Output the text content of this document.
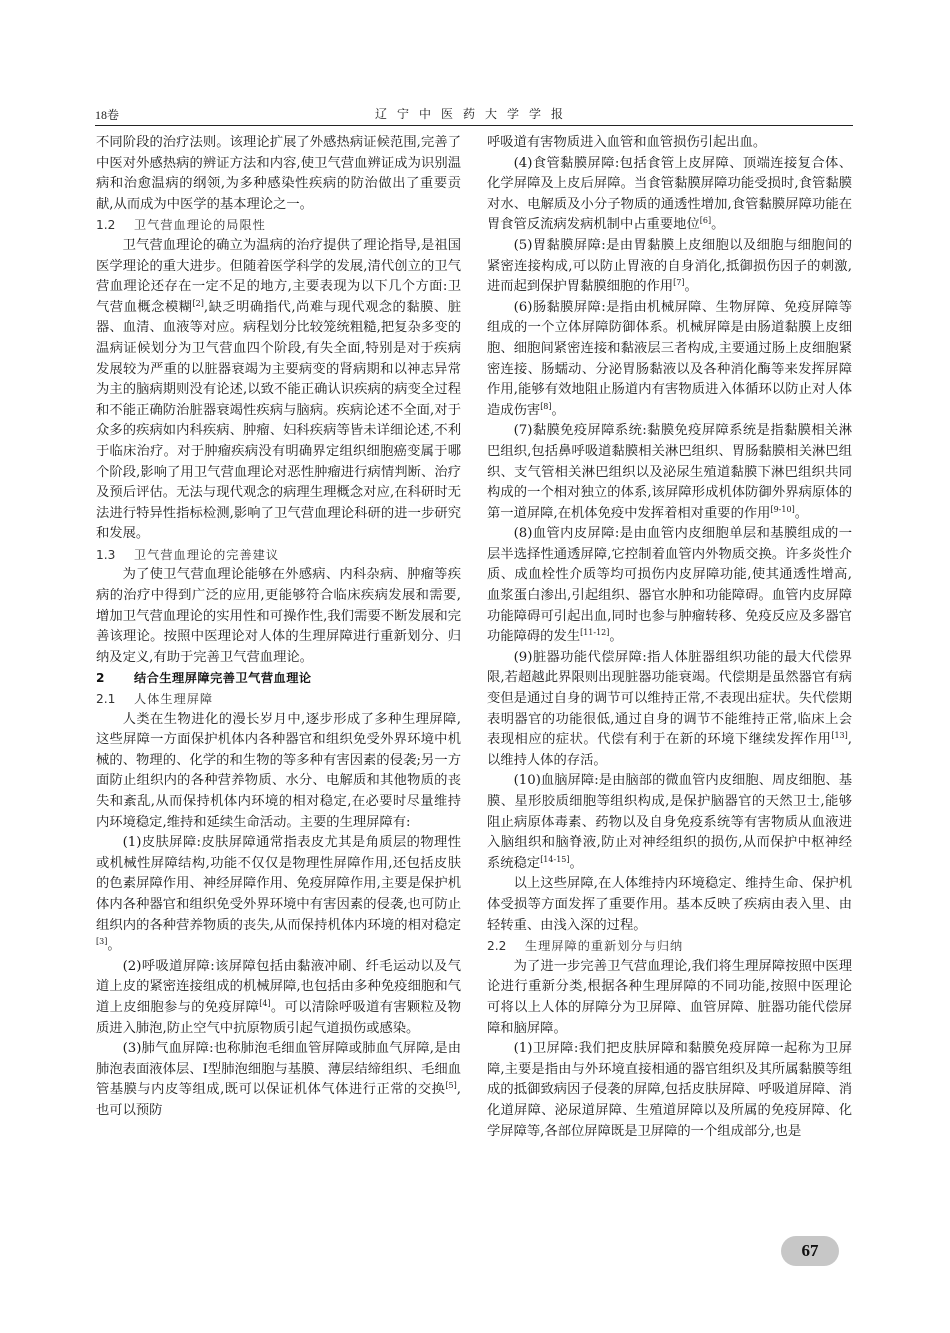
18卷	辽宁中医药大学学报

不同阶段的治疗法则。该理论扩展了外感热病证候范围,完善了中医对外感热病的辨证方法和内容,使卫气营血辨证成为识别温病和治愈温病的纲领,为多种感染性疾病的防治做出了重要贡献,从而成为中医学的基本理论之一。

1.2 卫气营血理论的局限性

卫气营血理论的确立为温病的治疗提供了理论指导,是祖国医学理论的重大进步。但随着医学科学的发展,清代创立的卫气营血理论还存在一定不足的地方,主要表现为以下几个方面:卫气营血概念模糊[2],缺乏明确指代,尚难与现代观念的黏膜、脏器、血清、血液等对应。病程划分比较笼统粗糙,把复杂多变的温病证候划分为卫气营血四个阶段,有失全面,特别是对于疾病发展较为严重的以脏器衰竭为主要病变的肾病期和以神志异常为主的脑病期则没有论述,以致不能正确认识疾病的病变全过程和不能正确防治脏器衰竭性疾病与脑病。疾病论述不全面,对于众多的疾病如内科疾病、肿瘤、妇科疾病等皆未详细论述,不利于临床治疗。对于肿瘤疾病没有明确界定组织细胞癌变属于哪个阶段,影响了用卫气营血理论对恶性肿瘤进行病情判断、治疗及预后评估。无法与现代观念的病理生理概念对应,在科研时无法进行特异性指标检测,影响了卫气营血理论科研的进一步研究和发展。

1.3 卫气营血理论的完善建议

为了使卫气营血理论能够在外感病、内科杂病、肿瘤等疾病的治疗中得到广泛的应用,更能够符合临床疾病发展和需要,增加卫气营血理论的实用性和可操作性,我们需要不断发展和完善该理论。按照中医理论对人体的生理屏障进行重新划分、归纳及定义,有助于完善卫气营血理论。

2 结合生理屏障完善卫气营血理论

2.1 人体生理屏障

人类在生物进化的漫长岁月中,逐步形成了多种生理屏障,这些屏障一方面保护机体内各种器官和组织免受外界环境中机械的、物理的、化学的和生物的等多种有害因素的侵袭;另一方面防止组织内的各种营养物质、水分、电解质和其他物质的丧失和紊乱,从而保持机体内环境的相对稳定,在必要时尽量维持内环境稳定,维持和延续生命活动。主要的生理屏障有:

(1)皮肤屏障:皮肤屏障通常指表皮尤其是角质层的物理性或机械性屏障结构,功能不仅仅是物理性屏障作用,还包括皮肤的色素屏障作用、神经屏障作用、免疫屏障作用,主要是保护机体内各种器官和组织免受外界环境中有害因素的侵袭,也可防止组织内的各种营养物质的丧失,从而保持机体内环境的相对稳定[3]。

(2)呼吸道屏障:该屏障包括由黏液冲刷、纤毛运动以及气道上皮的紧密连接组成的机械屏障,也包括由多种免疫细胞和气道上皮细胞参与的免疫屏障[4]。可以清除呼吸道有害颗粒及物质进入肺泡,防止空气中抗原物质引起气道损伤或感染。

(3)肺气血屏障:也称肺泡毛细血管屏障或肺血气屏障,是由肺泡表面液体层、Ⅰ型肺泡细胞与基膜、薄层结缔组织、毛细血管基膜与内皮等组成,既可以保证机体气体进行正常的交换[5],也可以预防

呼吸道有害物质进入血管和血管损伤引起出血。

(4)食管黏膜屏障:包括食管上皮屏障、顶端连接复合体、化学屏障及上皮后屏障。当食管黏膜屏障功能受损时,食管黏膜对水、电解质及小分子物质的通透性增加,食管黏膜屏障功能在胃食管反流病发病机制中占重要地位[6]。

(5)胃黏膜屏障:是由胃黏膜上皮细胞以及细胞与细胞间的紧密连接构成,可以防止胃液的自身消化,抵御损伤因子的刺激,进而起到保护胃黏膜细胞的作用[7]。

(6)肠黏膜屏障:是指由机械屏障、生物屏障、免疫屏障等组成的一个立体屏障防御体系。机械屏障是由肠道黏膜上皮细胞、细胞间紧密连接和黏液层三者构成,主要通过肠上皮细胞紧密连接、肠蠕动、分泌胃肠黏液以及各种消化酶等来发挥屏障作用,能够有效地阻止肠道内有害物质进入体循环以防止对人体造成伤害[8]。

(7)黏膜免疫屏障系统:黏膜免疫屏障系统是指黏膜相关淋巴组织,包括鼻呼吸道黏膜相关淋巴组织、胃肠黏膜相关淋巴组织、支气管相关淋巴组织以及泌尿生殖道黏膜下淋巴组织共同构成的一个相对独立的体系,该屏障形成机体防御外界病原体的第一道屏障,在机体免疫中发挥着相对重要的作用[9-10]。

(8)血管内皮屏障:是由血管内皮细胞单层和基膜组成的一层半选择性通透屏障,它控制着血管内外物质交换。许多炎性介质、成血栓性介质等均可损伤内皮屏障功能,使其通透性增高,血浆蛋白渗出,引起组织、器官水肿和功能障碍。血管内皮屏障功能障碍可引起出血,同时也参与肿瘤转移、免疫反应及多器官功能障碍的发生[11-12]。

(9)脏器功能代偿屏障:指人体脏器组织功能的最大代偿界限,若超越此界限则出现脏器功能衰竭。代偿期是虽然器官有病变但是通过自身的调节可以维持正常,不表现出症状。失代偿期表明器官的功能很低,通过自身的调节不能维持正常,临床上会表现相应的症状。代偿有利于在新的环境下继续发挥作用[13],以维持人体的存活。

(10)血脑屏障:是由脑部的微血管内皮细胞、周皮细胞、基膜、星形胶质细胞等组织构成,是保护脑器官的天然卫士,能够阻止病原体毒素、药物以及自身免疫系统等有害物质从血液进入脑组织和脑脊液,防止对神经组织的损伤,从而保护中枢神经系统稳定[14-15]。

以上这些屏障,在人体维持内环境稳定、维持生命、保护机体受损等方面发挥了重要作用。基本反映了疾病由表入里、由轻转重、由浅入深的过程。

2.2 生理屏障的重新划分与归纳

为了进一步完善卫气营血理论,我们将生理屏障按照中医理论进行重新分类,根据各种生理屏障的不同功能,按照中医理论可将以上人体的屏障分为卫屏障、血管屏障、脏器功能代偿屏障和脑屏障。

(1)卫屏障:我们把皮肤屏障和黏膜免疫屏障一起称为卫屏障,主要是指由与外环境直接相通的器官组织及其所属黏膜等组成的抵御致病因子侵袭的屏障,包括皮肤屏障、呼吸道屏障、消化道屏障、泌尿道屏障、生殖道屏障以及所属的免疫屏障、化学屏障等,各部位屏障既是卫屏障的一个组成部分,也是

67
